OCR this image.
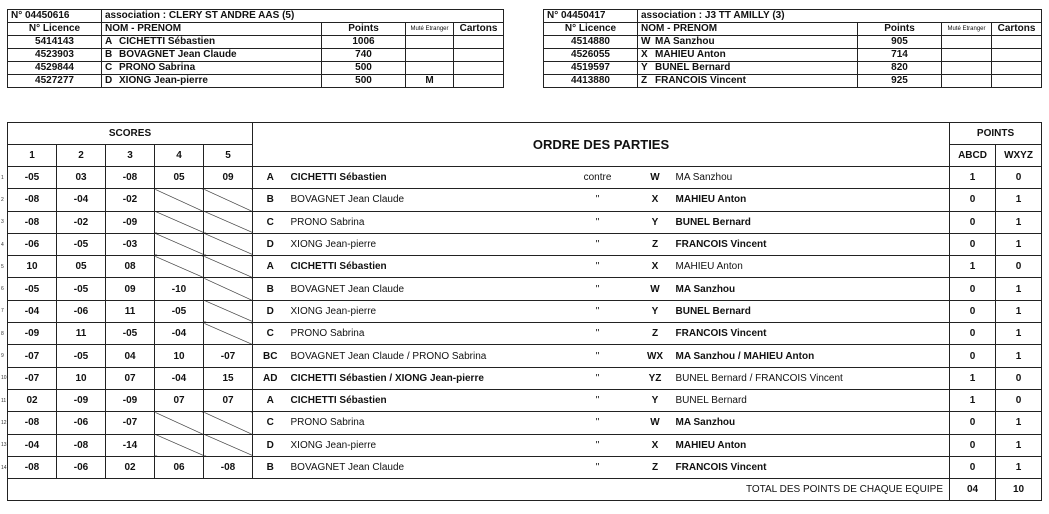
N° 04450616	association : CLERY ST ANDRE AAS (5)			
N° Licence	NOM - PRENOM	Points	Muté Etranger	Cartons
5414143	A CICHETTI Sébastien	1006		
4523903	B BOVAGNET Jean Claude	740		
4529844	C PRONO Sabrina	500		
4527277	D XIONG Jean-pierre	500	M	
N° 04450417	association : J3 TT AMILLY (3)			
N° Licence	NOM - PRENOM	Points	Muté Etranger	Cartons
4514880	W MA Sanzhou	905		
4526055	X MAHIEU Anton	714		
4519597	Y BUNEL Bernard	820		
4413880	Z FRANCOIS Vincent	925		
SCORES					ORDRE DES PARTIES					POINTS	
1	2	3	4	5						ABCD	WXYZ
-05	03	-08	05	09	A	CICHETTI Sébastien	contre	W	MA Sanzhou	1	0
-08	-04	-02			B	BOVAGNET Jean Claude	"	X	MAHIEU Anton	0	1
-08	-02	-09			C	PRONO Sabrina	"	Y	BUNEL Bernard	0	1
-06	-05	-03			D	XIONG Jean-pierre	"	Z	FRANCOIS Vincent	0	1
10	05	08			A	CICHETTI Sébastien	"	X	MAHIEU Anton	1	0
-05	-05	09	-10		B	BOVAGNET Jean Claude	"	W	MA Sanzhou	0	1
-04	-06	11	-05		D	XIONG Jean-pierre	"	Y	BUNEL Bernard	0	1
-09	11	-05	-04		C	PRONO Sabrina	"	Z	FRANCOIS Vincent	0	1
-07	-05	04	10	-07	BC	BOVAGNET Jean Claude / PRONO Sabrina	"	WX	MA Sanzhou / MAHIEU Anton	0	1
-07	10	07	-04	15	AD	CICHETTI Sébastien / XIONG Jean-pierre	"	YZ	BUNEL Bernard / FRANCOIS Vincent	1	0
02	-09	-09	07	07	A	CICHETTI Sébastien	"	Y	BUNEL Bernard	1	0
-08	-06	-07			C	PRONO Sabrina	"	W	MA Sanzhou	0	1
-04	-08	-14			D	XIONG Jean-pierre	"	X	MAHIEU Anton	0	1
-08	-06	02	06	-08	B	BOVAGNET Jean Claude	"	Z	FRANCOIS Vincent	0	1
TOTAL DES POINTS DE CHAQUE EQUIPE										04	10
1
2
3
4
5
6
7
8
9
10
11
12
13
14
